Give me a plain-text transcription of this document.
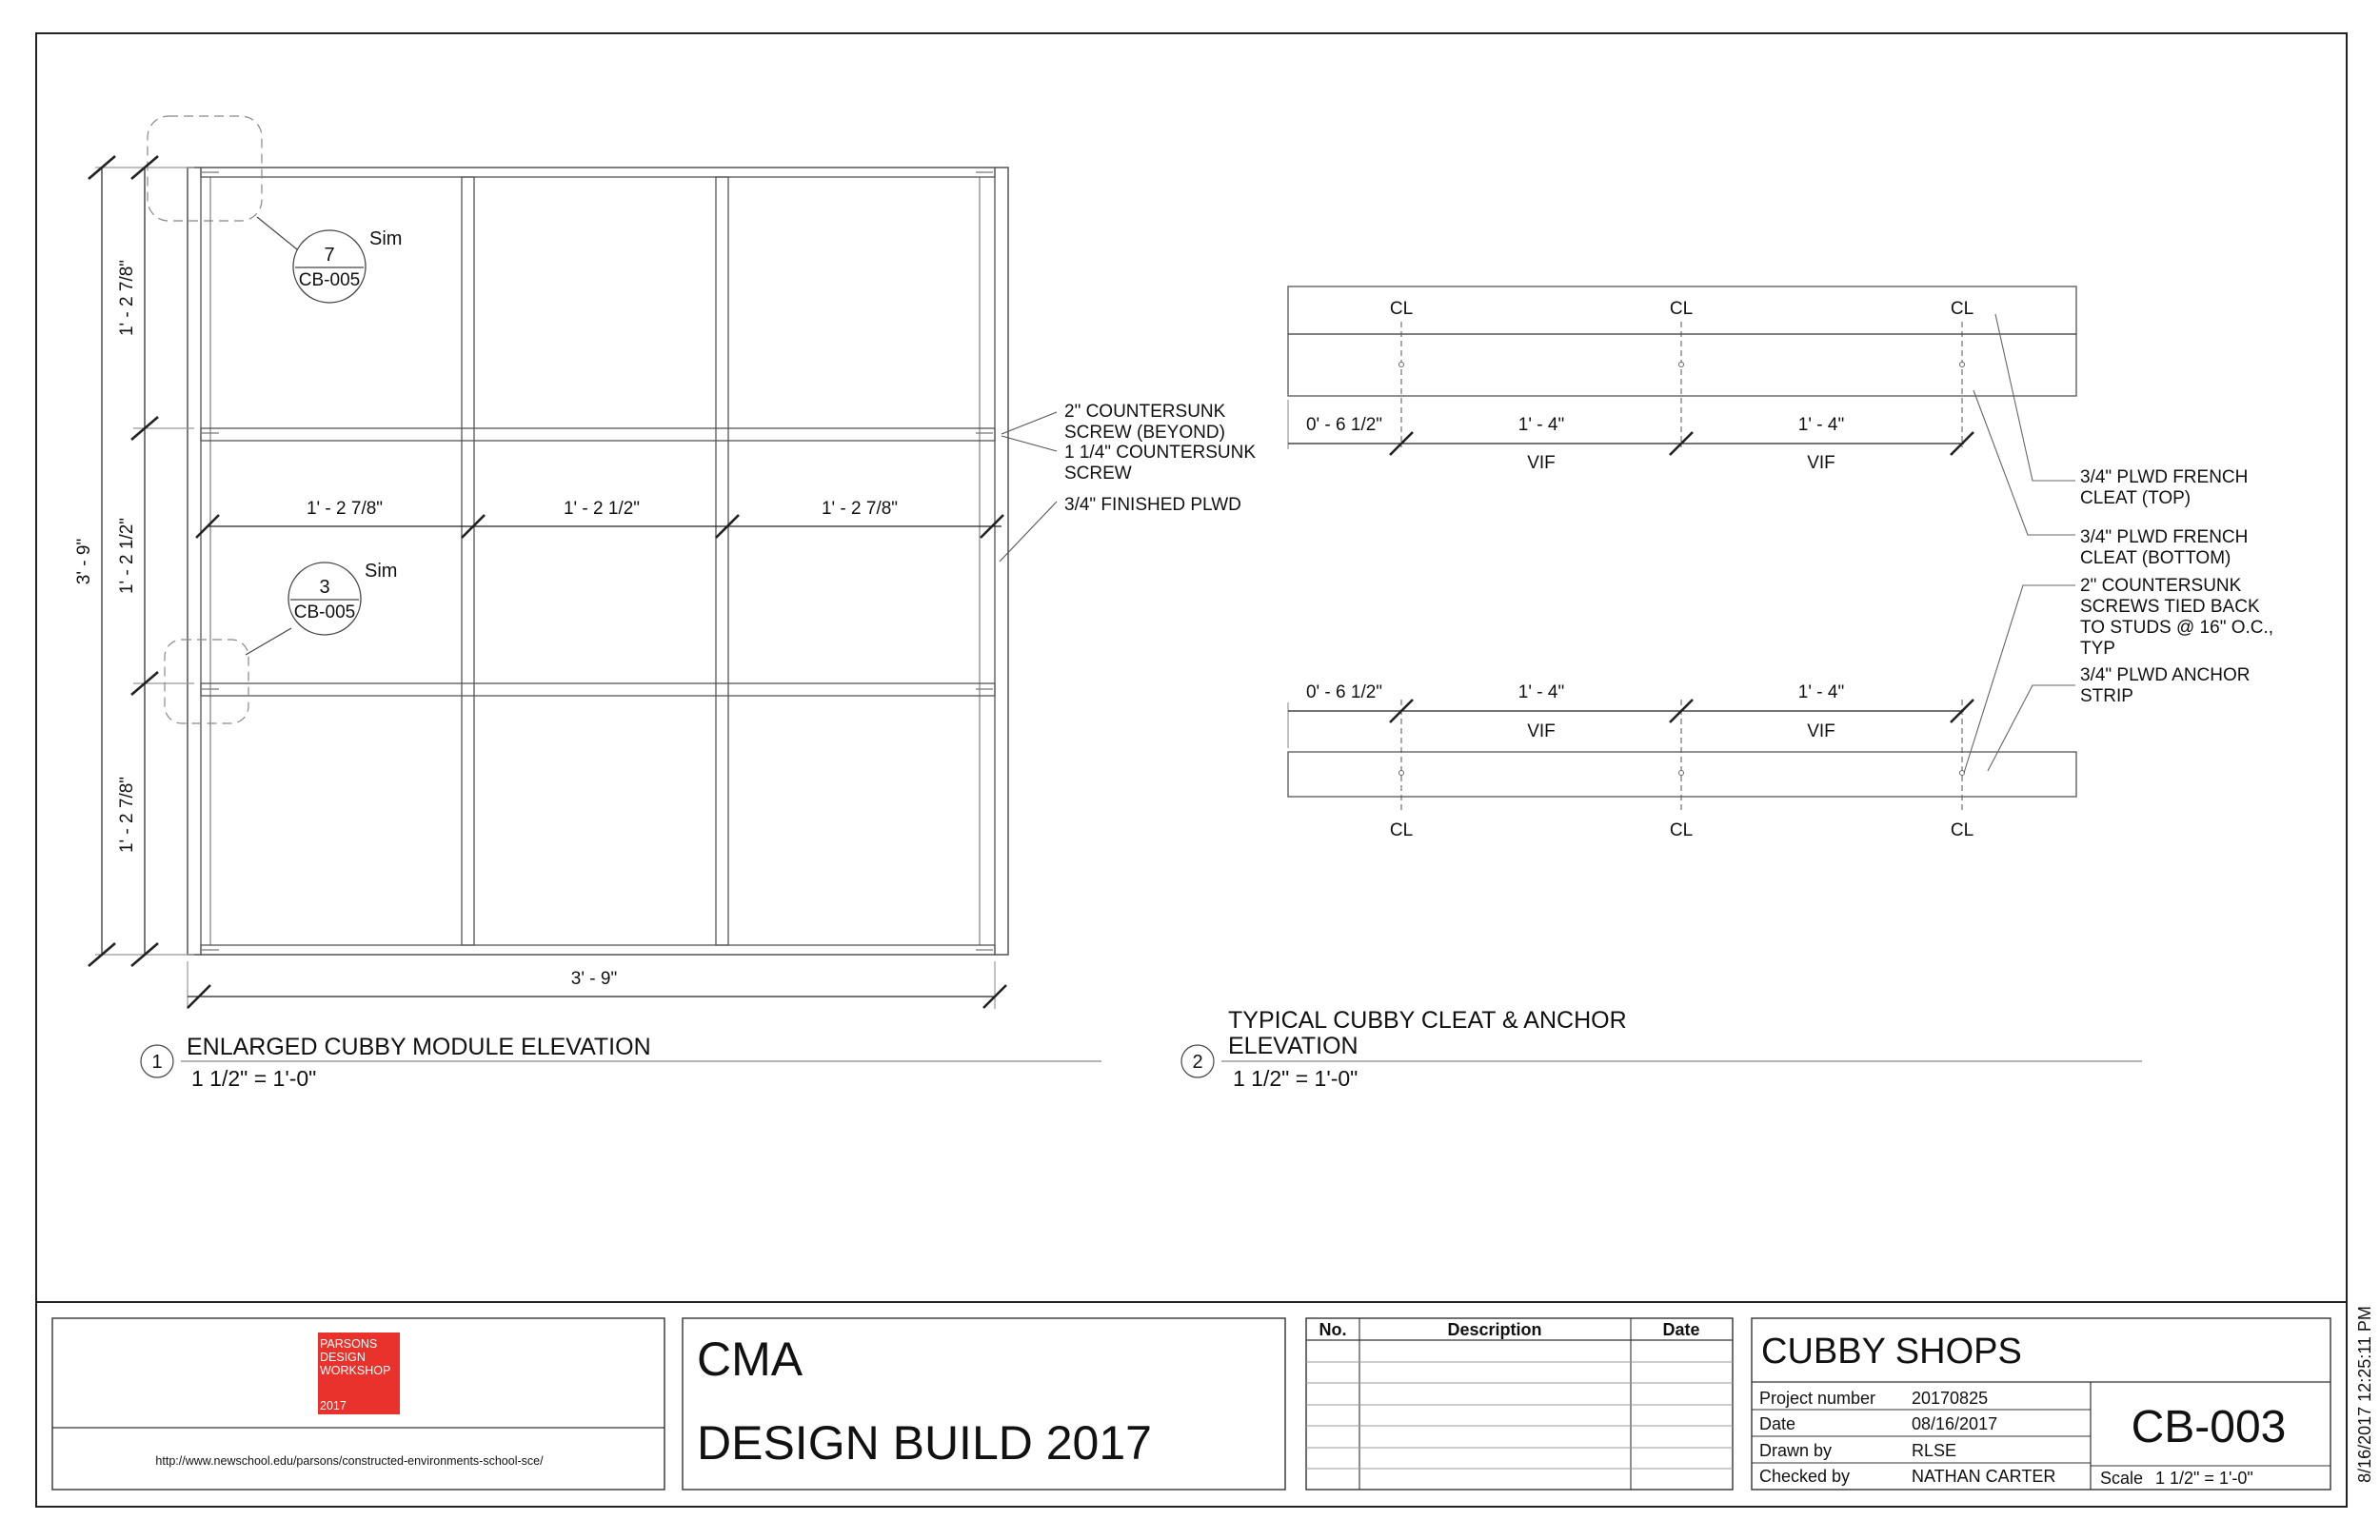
7
CB-005
Sim
3
CB-005
Sim
3' - 9"
1' - 2 7/8"
1' - 2 1/2"
1' - 2 7/8"
1' - 2 7/8"	1' - 2 1/2"	1' - 2 7/8"
3' - 9"
2" COUNTERSUNK SCREW (BEYOND)
1 1/4" COUNTERSUNK SCREW
3/4" FINISHED PLWD
1
ENLARGED CUBBY MODULE ELEVATION
1 1/2" = 1'-0"
CL	CL	CL
0' - 6 1/2"	1' - 4"	1' - 4"
VIF	VIF
0' - 6 1/2"	1' - 4"	1' - 4"
VIF	VIF
CL	CL	CL
3/4" PLWD FRENCH CLEAT (TOP)
3/4" PLWD FRENCH CLEAT (BOTTOM)
2" COUNTERSUNK SCREWS TIED BACK TO STUDS @ 16" O.C., TYP
3/4" PLWD ANCHOR STRIP
2
TYPICAL CUBBY CLEAT & ANCHOR ELEVATION
1 1/2" = 1'-0"
PARSONS DESIGN WORKSHOP 2017
http://www.newschool.edu/parsons/constructed-environments-school-sce/
CMA
DESIGN BUILD 2017
No.	Description	Date
CUBBY SHOPS
Project number 20170825
Date	08/16/2017
Drawn by	RLSE
Checked by	NATHAN CARTER
CB-003
Scale 1 1/2" = 1'-0"	8/16/2017 12:25:11 PM
